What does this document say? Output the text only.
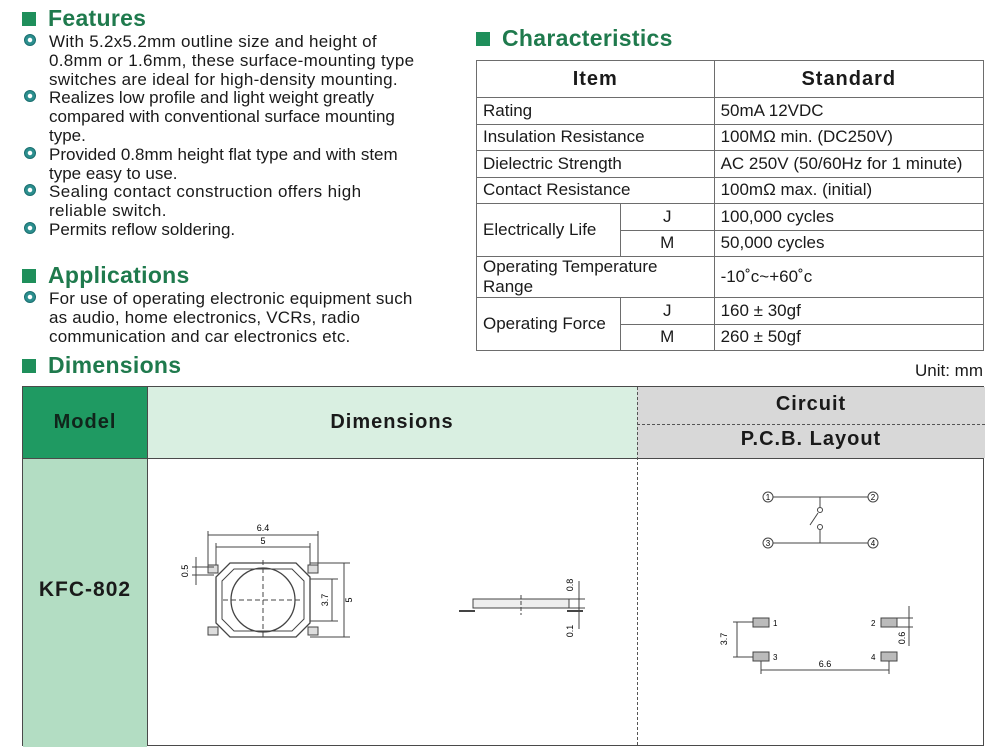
Features
With 5.2x5.2mm outline size and height of 0.8mm or 1.6mm, these surface-mounting type switches are ideal for high-density mounting.
Realizes low profile and light weight greatly compared with conventional surface mounting type.
Provided 0.8mm height flat type and with stem type easy to use.
Sealing contact construction offers high reliable switch.
Permits reflow soldering.
Applications
For use of operating electronic equipment such as audio, home electronics, VCRs, radio communication and car electronics etc.
Characteristics
Item		Standard
Rating		50mA 12VDC
Insulation Resistance		100MΩ min. (DC250V)
Dielectric Strength		AC 250V (50/60Hz for 1 minute)
Contact Resistance		100mΩ max. (initial)
Electrically Life	J	100,000 cycles
	M	50,000 cycles
Operating Temperature Range		-10˚c~+60˚c
Operating Force	J	160 ± 30gf
	M	260 ± 50gf
Dimensions	Unit: mm
Model	Dimensions
Circuit
P.C.B. Layout
KFC-802
6.4
5
0.5
3.7 5
0.8
0.1
1	2
3	4
1
3
2
4
3.7
6.6
0.6
